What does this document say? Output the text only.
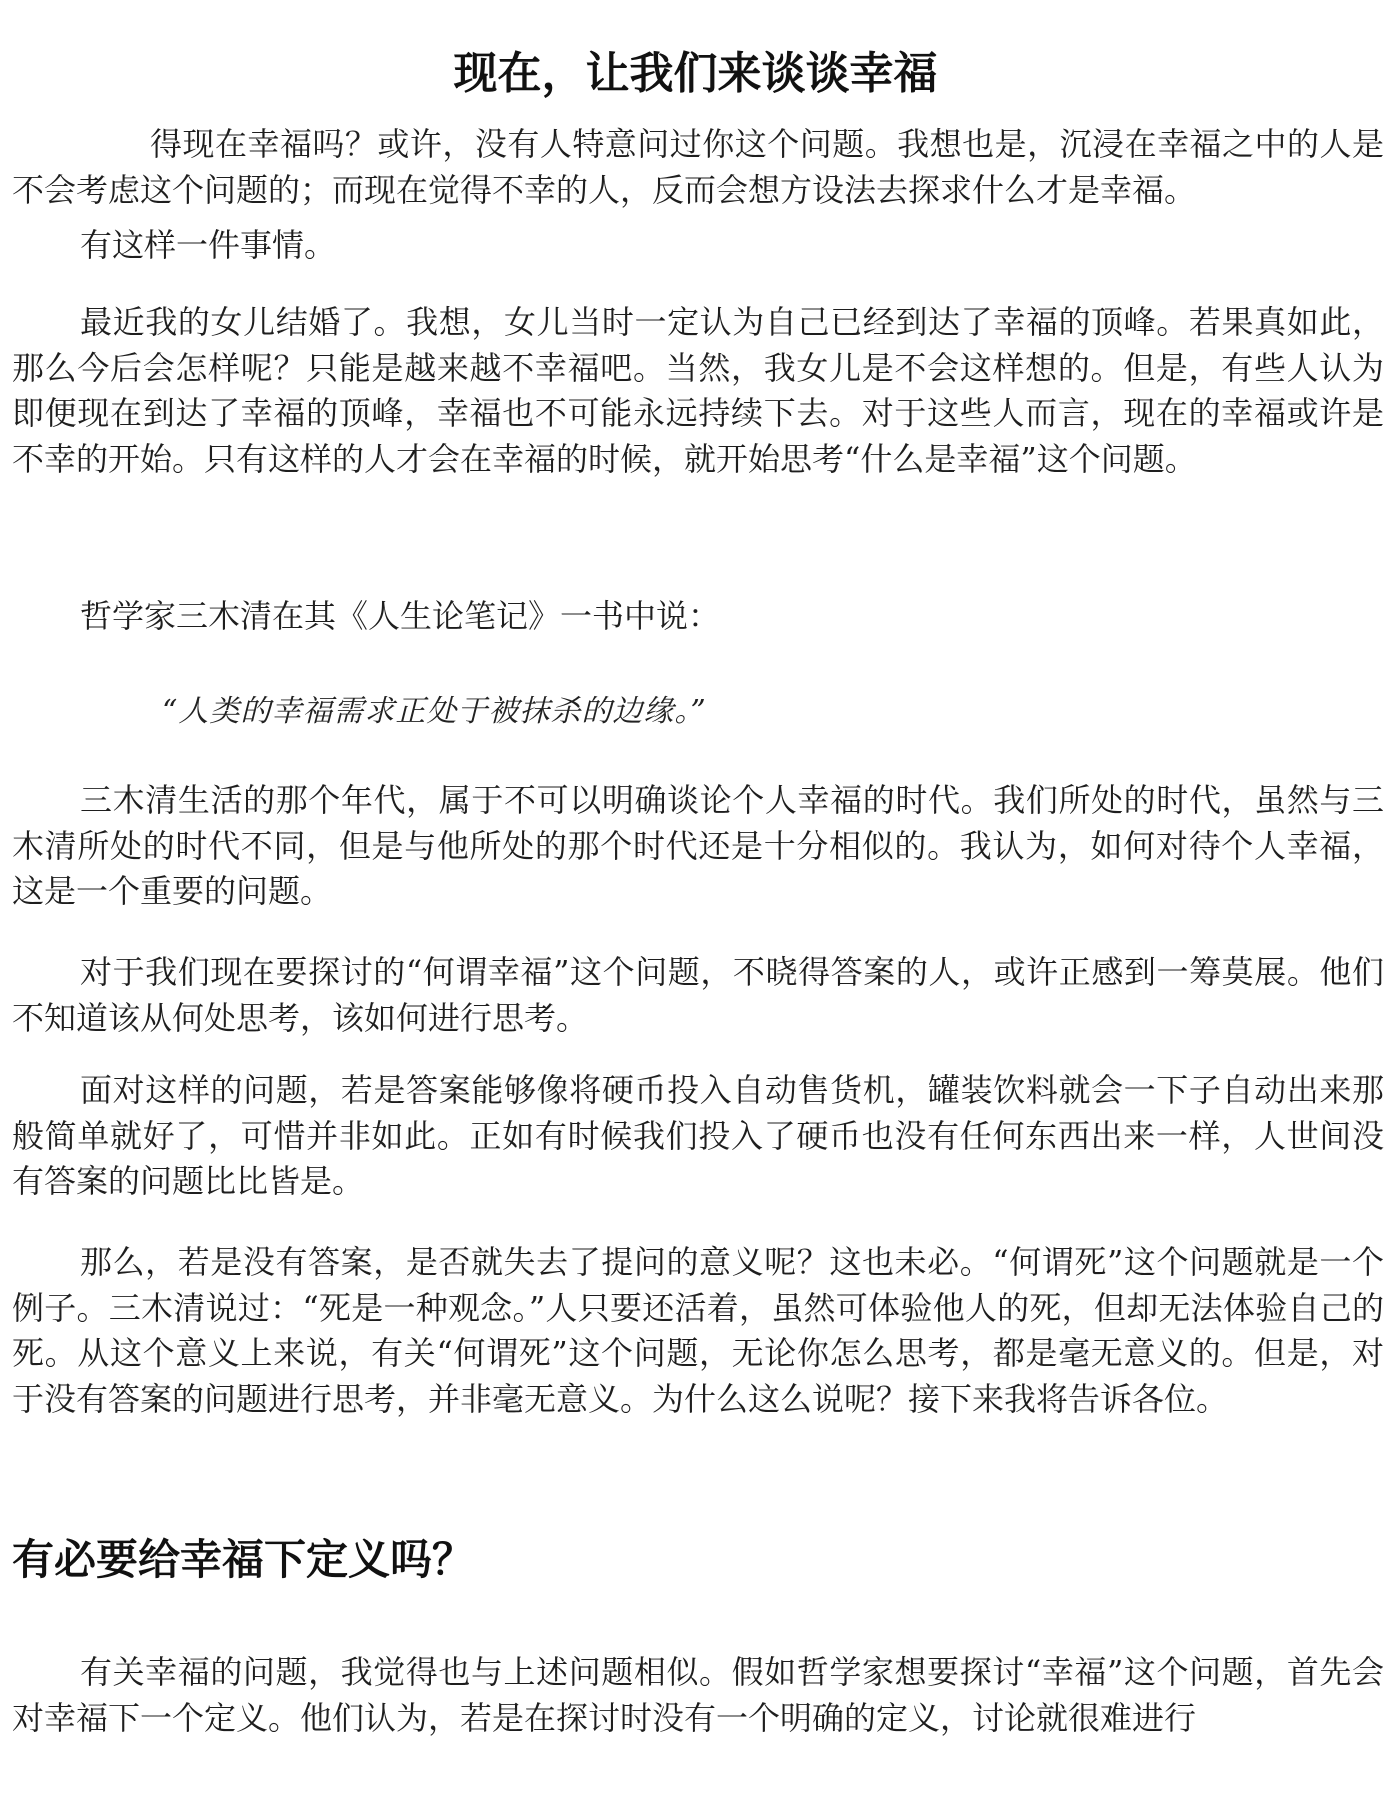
现在，让我们来谈谈幸福

得现在幸福吗？或许，没有人特意问过你这个问题。我想也是，沉浸在幸福之中的人是不会考虑这个问题的；而现在觉得不幸的人，反而会想方设法去探求什么才是幸福。

有这样一件事情。

最近我的女儿结婚了。我想，女儿当时一定认为自己已经到达了幸福的顶峰。若果真如此，那么今后会怎样呢？只能是越来越不幸福吧。当然，我女儿是不会这样想的。但是，有些人认为即便现在到达了幸福的顶峰，幸福也不可能永远持续下去。对于这些人而言，现在的幸福或许是不幸的开始。只有这样的人才会在幸福的时候，就开始思考“什么是幸福”这个问题。

哲学家三木清在其《人生论笔记》一书中说：

“人类的幸福需求正处于被抹杀的边缘。”

三木清生活的那个年代，属于不可以明确谈论个人幸福的时代。我们所处的时代，虽然与三木清所处的时代不同，但是与他所处的那个时代还是十分相似的。我认为，如何对待个人幸福，这是一个重要的问题。

对于我们现在要探讨的“何谓幸福”这个问题，不晓得答案的人，或许正感到一筹莫展。他们不知道该从何处思考，该如何进行思考。

面对这样的问题，若是答案能够像将硬币投入自动售货机，罐装饮料就会一下子自动出来那般简单就好了，可惜并非如此。正如有时候我们投入了硬币也没有任何东西出来一样，人世间没有答案的问题比比皆是。

那么，若是没有答案，是否就失去了提问的意义呢？这也未必。“何谓死”这个问题就是一个例子。三木清说过：“死是一种观念。”人只要还活着，虽然可体验他人的死，但却无法体验自己的死。从这个意义上来说，有关“何谓死”这个问题，无论你怎么思考，都是毫无意义的。但是，对于没有答案的问题进行思考，并非毫无意义。为什么这么说呢？接下来我将告诉各位。

有必要给幸福下定义吗？

有关幸福的问题，我觉得也与上述问题相似。假如哲学家想要探讨“幸福”这个问题，首先会对幸福下一个定义。他们认为，若是在探讨时没有一个明确的定义，讨论就很难进行
